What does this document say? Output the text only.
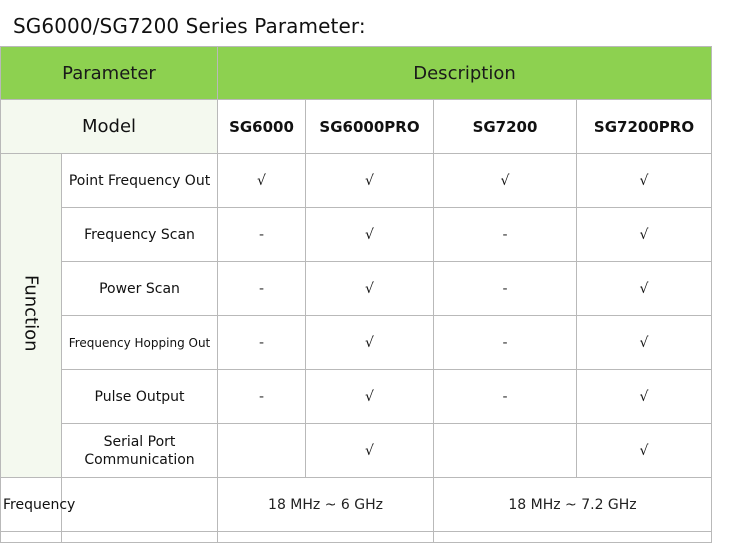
SG6000/SG7200 Series Parameter:
Parameter		Description			
Model		SG6000	SG6000PRO	SG7200	SG7200PRO
Function	Point Frequency Out	√	√	√	√
	Frequency Scan	-	√	-	√
	Power Scan	-	√	-	√
	Frequency Hopping Out	-	√	-	√
	Pulse Output	-	√	-	√
	Serial Port Communication		√		√
Frequency		18 MHz ~ 6 GHz		18 MHz ~ 7.2 GHz	
